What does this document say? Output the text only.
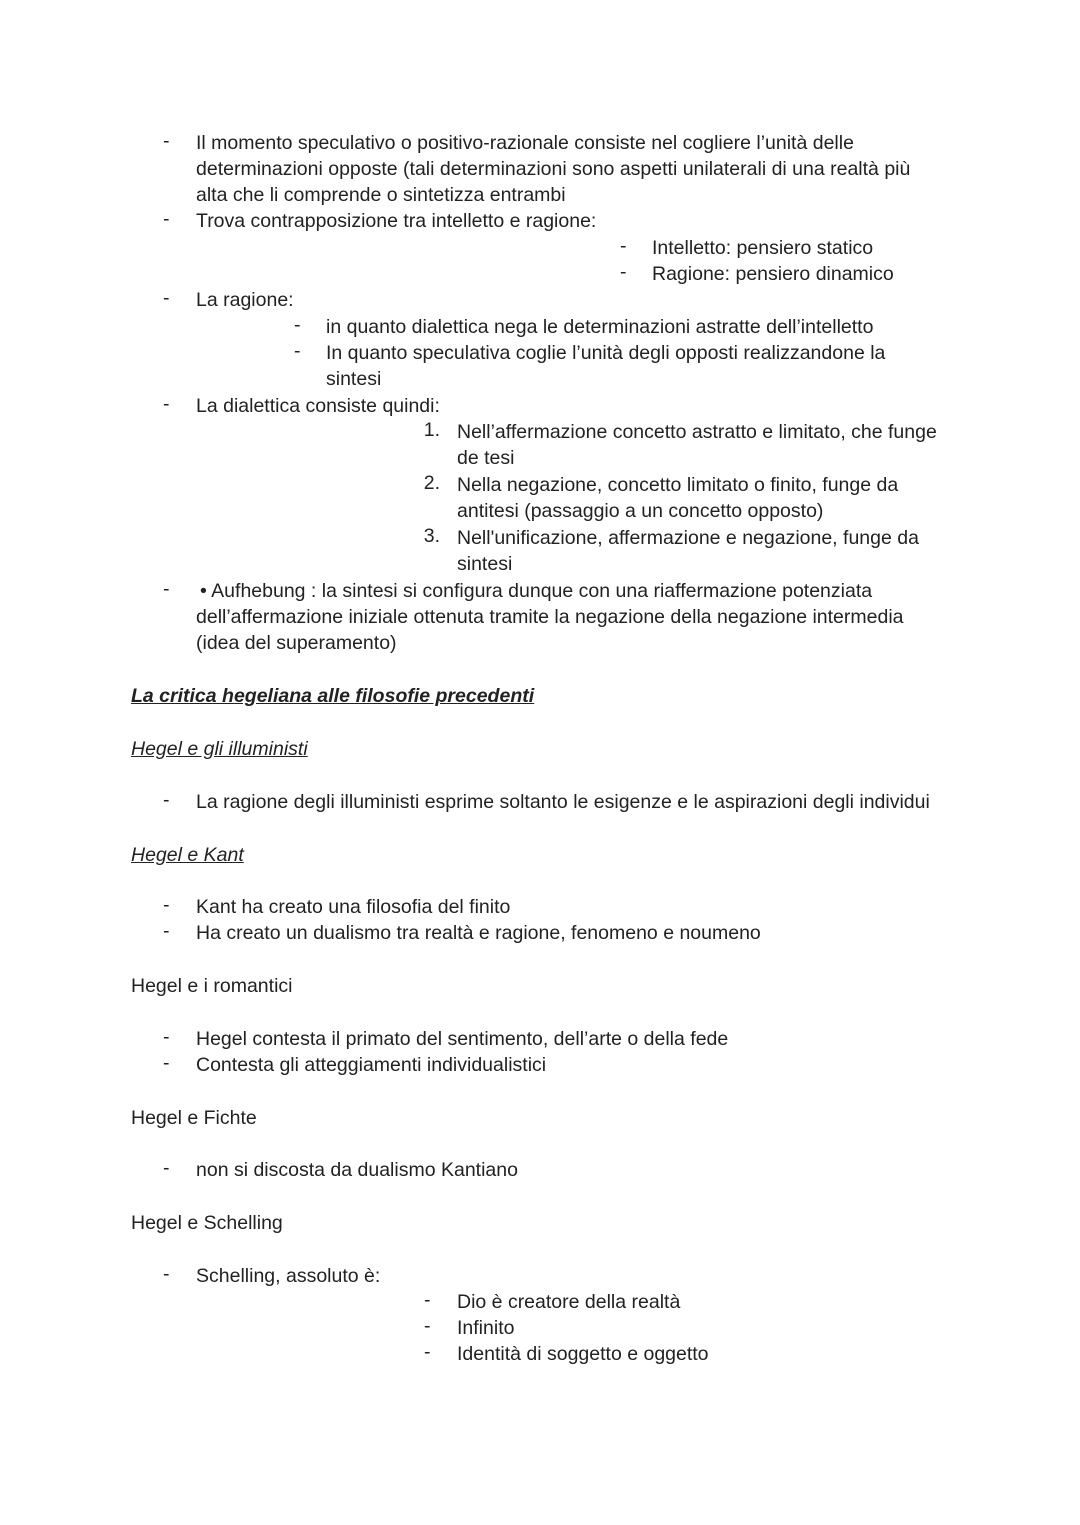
- Il momento speculativo o positivo-razionale consiste nel cogliere l’unità delle
determinazioni opposte (tali determinazioni sono aspetti unilaterali di una realtà più
alta che li comprende o sintetizza entrambi
- Trova contrapposizione tra intelletto e ragione:
- Intelletto: pensiero statico
- Ragione: pensiero dinamico
- La ragione:
- in quanto dialettica nega le determinazioni astratte dell’intelletto
- In quanto speculativa coglie l’unità degli opposti realizzandone la
sintesi
- La dialettica consiste quindi:
1. Nell’affermazione concetto astratto e limitato, che funge
de tesi
2. Nella negazione, concetto limitato o finito, funge da
antitesi (passaggio a un concetto opposto)
3. Nell'unificazione, affermazione e negazione, funge da
sintesi
- • Aufhebung : la sintesi si configura dunque con una riaffermazione potenziata
dell’affermazione iniziale ottenuta tramite la negazione della negazione intermedia
(idea del superamento)
La critica hegeliana alle filosofie precedenti
Hegel e gli illuministi
- La ragione degli illuministi esprime soltanto le esigenze e le aspirazioni degli individui
Hegel e Kant
- Kant ha creato una filosofia del finito
- Ha creato un dualismo tra realtà e ragione, fenomeno e noumeno
Hegel e i romantici
- Hegel contesta il primato del sentimento, dell’arte o della fede
- Contesta gli atteggiamenti individualistici
Hegel e Fichte
- non si discosta da dualismo Kantiano
Hegel e Schelling
- Schelling, assoluto è:
- Dio è creatore della realtà
- Infinito
- Identità di soggetto e oggetto
